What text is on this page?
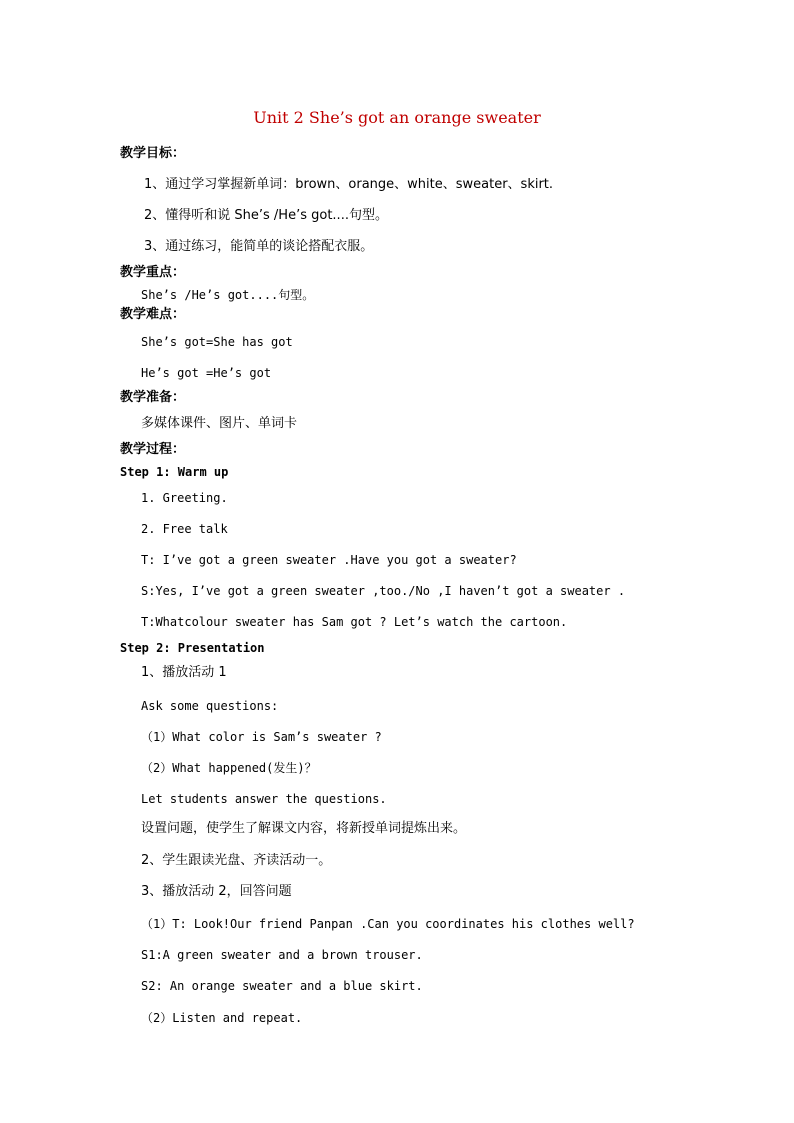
Unit 2 She’s got an orange sweater
教学目标：
1、通过学习掌握新单词：brown、orange、white、sweater、skirt.
2、懂得听和说 She’s /He’s got....句型。
3、通过练习，能简单的谈论搭配衣服。
教学重点：
She’s /He’s got....句型。
教学难点：
She’s got=She has got
He’s got =He’s got
教学准备：
多媒体课件、图片、单词卡
教学过程：
Step 1: Warm up
1. Greeting.
2. Free talk
T: I’ve got a green sweater .Have you got a sweater?
S:Yes, I’ve got a green sweater ,too./No ,I haven’t got a sweater .
T:Whatcolour sweater has Sam got ? Let’s watch the cartoon.
Step 2: Presentation
1、播放活动 1
Ask some questions:
（1）What color is Sam’s sweater ?
（2）What happened(发生)？
Let students answer the questions.
设置问题，使学生了解课文内容，将新授单词提炼出来。
2、学生跟读光盘、齐读活动一。
3、播放活动 2，回答问题
（1）T: Look!Our friend Panpan .Can you coordinates his clothes well?
S1:A green sweater and a brown trouser.
S2: An orange sweater and a blue skirt.
（2）Listen and repeat.
